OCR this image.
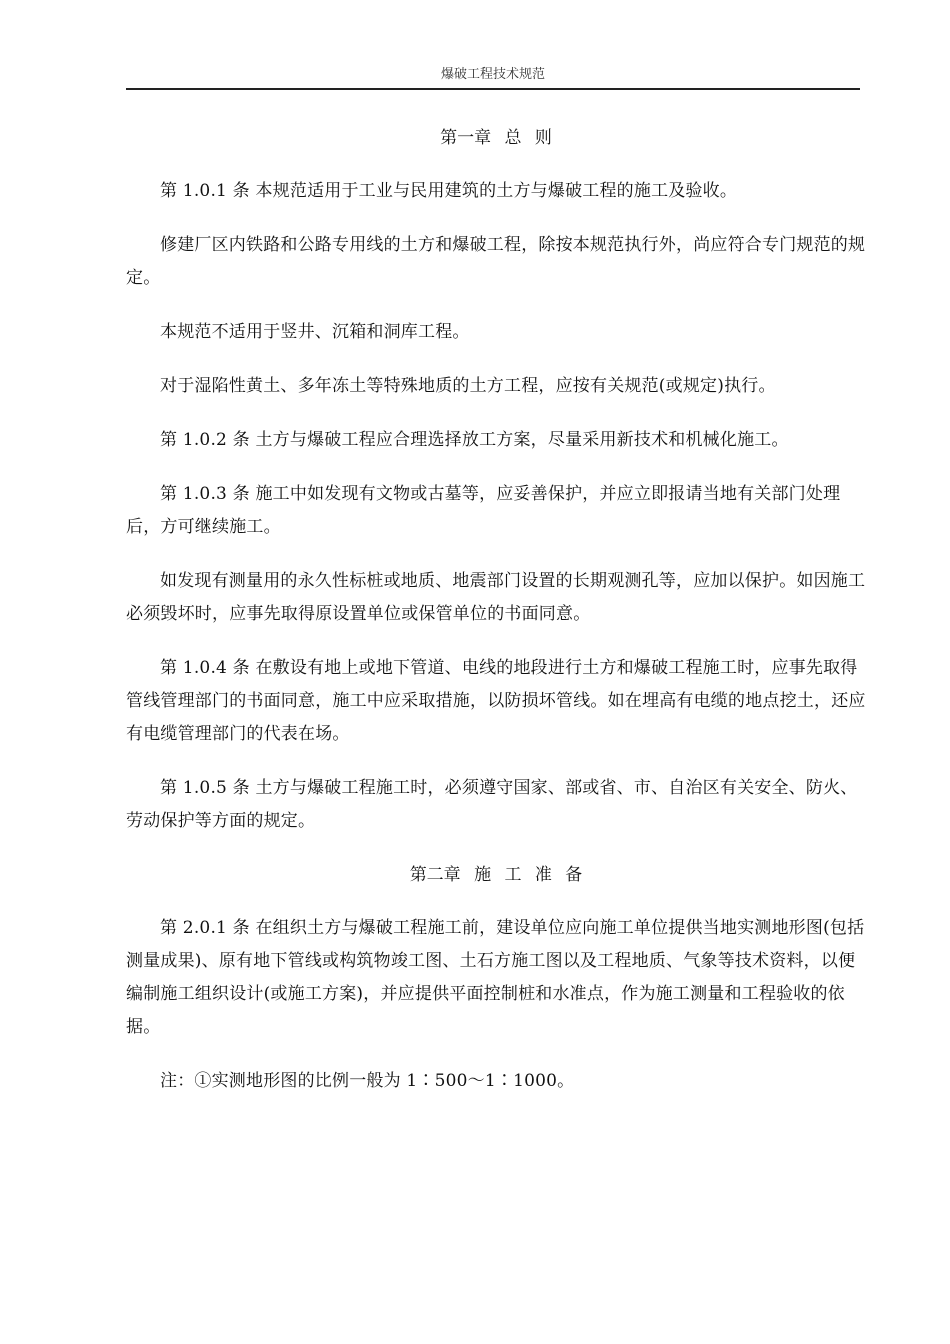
爆破工程技术规范
第一章 总 则

第 1.0.1 条 本规范适用于工业与民用建筑的土方与爆破工程的施工及验收。

修建厂区内铁路和公路专用线的土方和爆破工程，除按本规范执行外，尚应符合专门规范的规定。

本规范不适用于竖井、沉箱和洞库工程。

对于湿陷性黄土、多年冻土等特殊地质的土方工程，应按有关规范(或规定)执行。

第 1.0.2 条 土方与爆破工程应合理选择放工方案，尽量采用新技术和机械化施工。

第 1.0.3 条 施工中如发现有文物或古墓等，应妥善保护，并应立即报请当地有关部门处理后，方可继续施工。

如发现有测量用的永久性标桩或地质、地震部门设置的长期观测孔等，应加以保护。如因施工必须毁坏时，应事先取得原设置单位或保管单位的书面同意。

第 1.0.4 条 在敷设有地上或地下管道、电线的地段进行土方和爆破工程施工时，应事先取得管线管理部门的书面同意，施工中应采取措施，以防损坏管线。如在埋高有电缆的地点挖土，还应有电缆管理部门的代表在场。

第 1.0.5 条 土方与爆破工程施工时，必须遵守国家、部或省、市、自治区有关安全、防火、劳动保护等方面的规定。

第二章 施 工 准 备

第 2.0.1 条 在组织土方与爆破工程施工前，建设单位应向施工单位提供当地实测地形图(包括测量成果)、原有地下管线或构筑物竣工图、土石方施工图以及工程地质、气象等技术资料，以便编制施工组织设计(或施工方案)，并应提供平面控制桩和水准点，作为施工测量和工程验收的依据。

注：①实测地形图的比例一般为 1∶500～1∶1000。
